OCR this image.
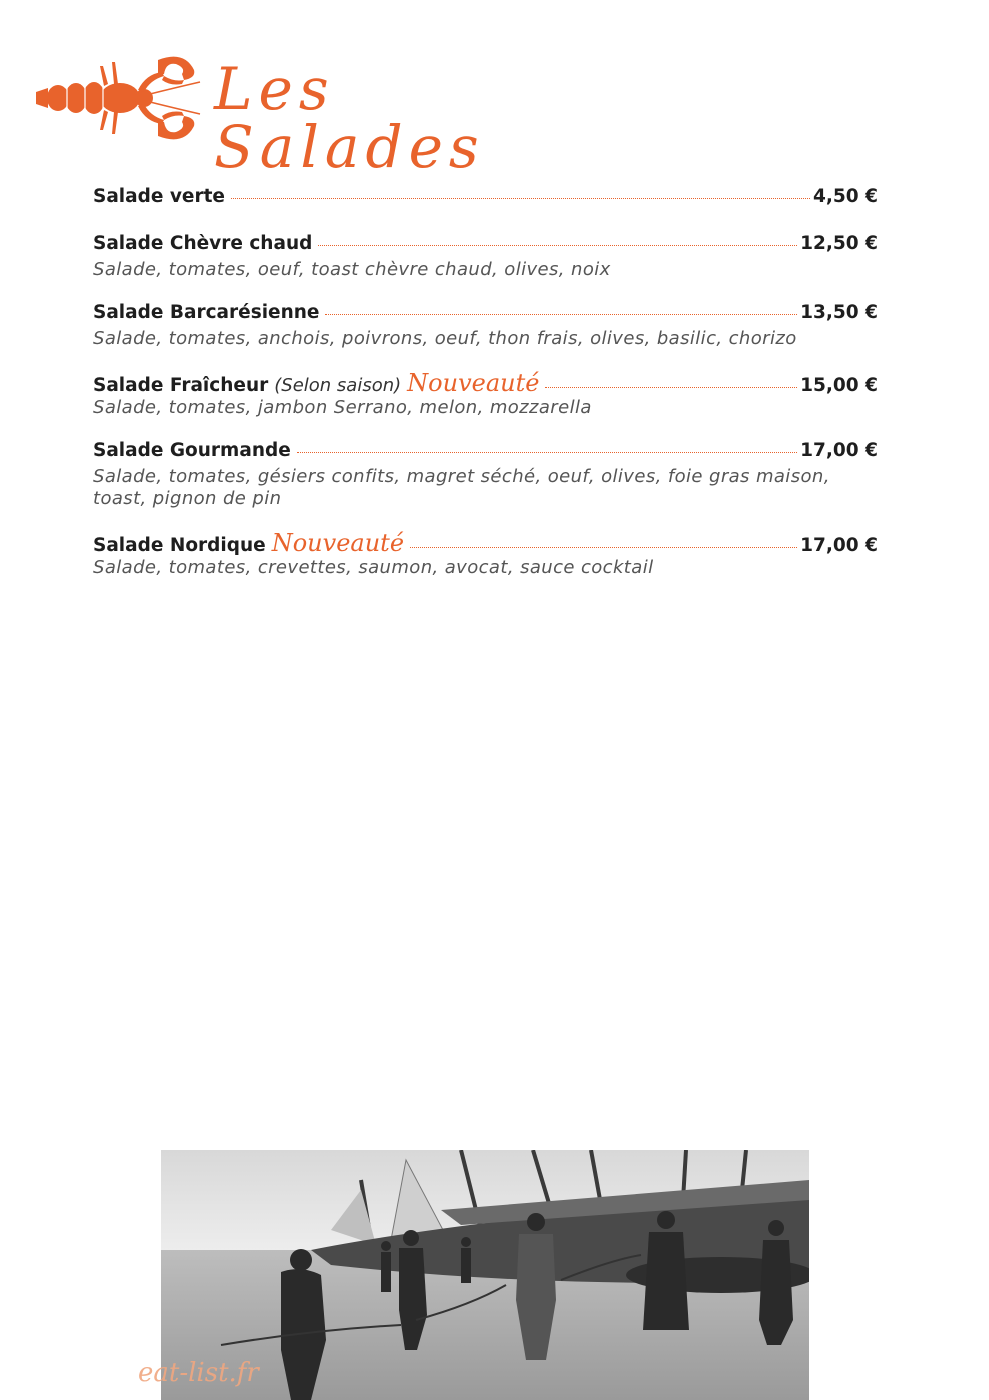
Les Salades
Salade verte	4,50 €
Salade Chèvre chaud	12,50 €
Salade, tomates, oeuf, toast chèvre chaud, olives, noix
Salade Barcarésienne	13,50 €
Salade, tomates, anchois, poivrons, oeuf, thon frais, olives, basilic, chorizo
Salade Fraîcheur (Selon saison) Nouveauté	15,00 €
Salade, tomates, jambon Serrano, melon, mozzarella
Salade Gourmande	17,00 €
Salade, tomates, gésiers confits, magret séché, oeuf, olives, foie gras maison, toast, pignon de pin
Salade Nordique Nouveauté	17,00 €
Salade, tomates, crevettes, saumon, avocat, sauce cocktail
eat-list.fr
